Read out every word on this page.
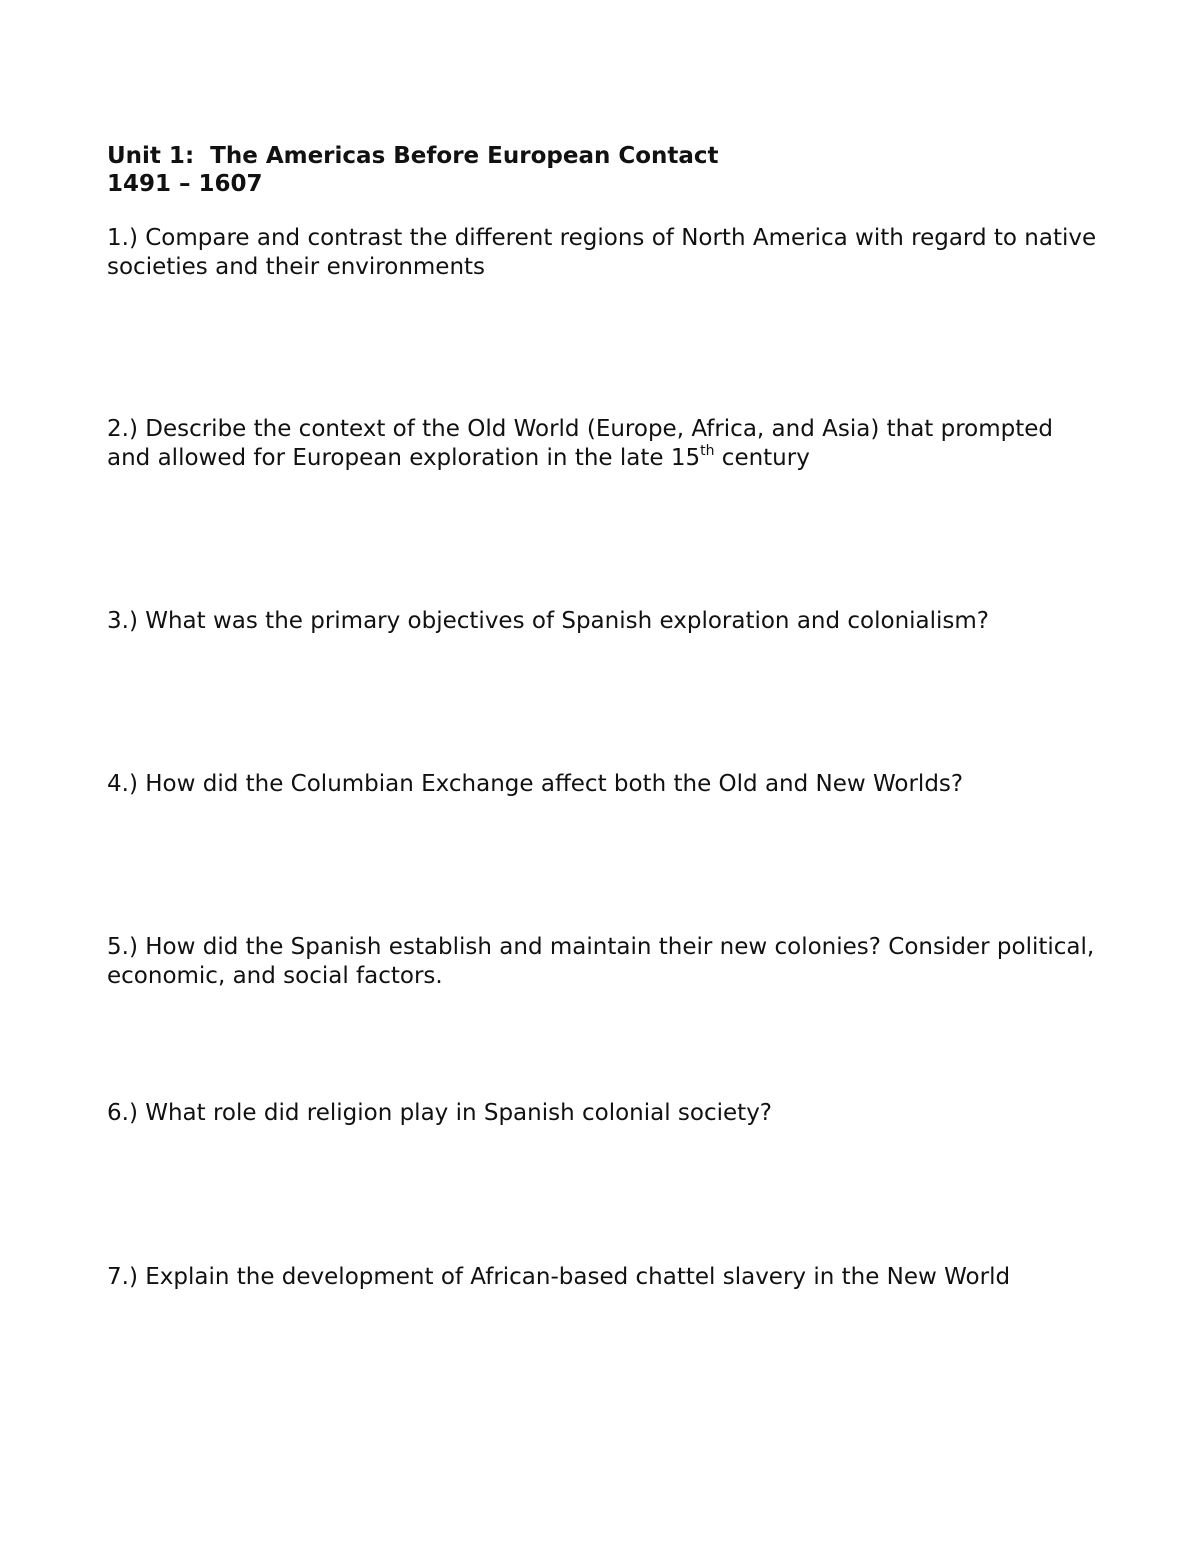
Unit 1:  The Americas Before European Contact
1491 – 1607
1.) Compare and contrast the different regions of North America with regard to native societies and their environments
2.) Describe the context of the Old World (Europe, Africa, and Asia) that prompted and allowed for European exploration in the late 15th century
3.) What was the primary objectives of Spanish exploration and colonialism?
4.) How did the Columbian Exchange affect both the Old and New Worlds?
5.) How did the Spanish establish and maintain their new colonies? Consider political, economic, and social factors.
6.) What role did religion play in Spanish colonial society?
7.) Explain the development of African-based chattel slavery in the New World
